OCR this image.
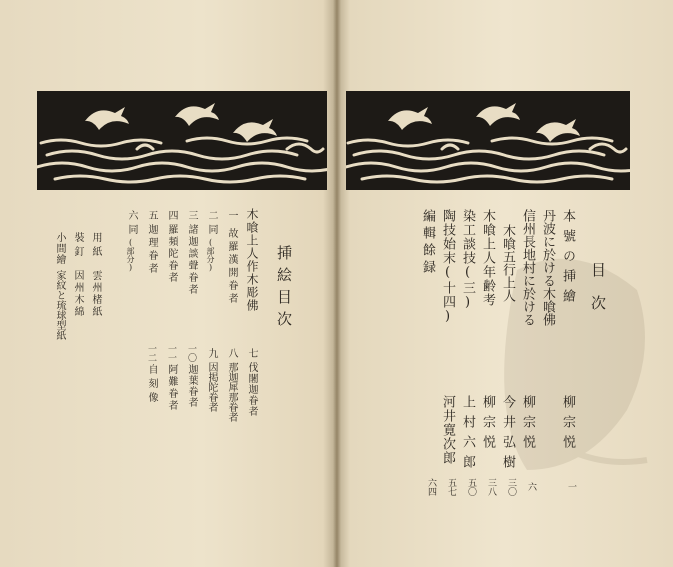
挿絵目次
木喰上人作木彫佛
一
故羅漢開眷者
二
同
(部分)
三
諸迦談聲眷者
四
羅頻陀眷者
五
迦理眷者
六
同
(部分)
七
伐闍迦眷者
八
那迦犀那眷者
九
因掲陀眷者
一〇
迦葉眷者
一一
阿難眷者
一二
自刻像
用紙
雲州楮紙
裝釘
因州木綿
小間繪
家紋と琉球型紙	目次
本號の挿繪
丹波に於ける木喰佛
信州長地村に於ける
木喰五行上人
木喰上人年齢考
染工談技(三)
陶技始末(十四)
編輯餘録
柳宗悦
柳宗悦
今井弘樹
柳宗悦
上村六郎
河井寛次郎
一
六
三〇
三八
五〇
五七
六四
